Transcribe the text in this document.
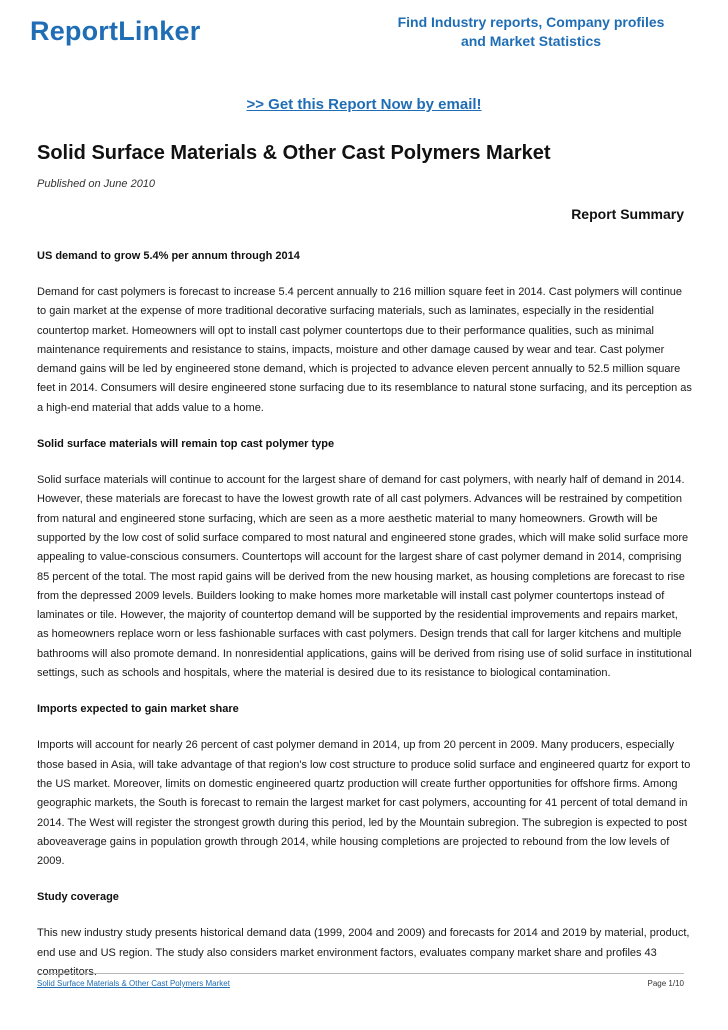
ReportLinker	Find Industry reports, Company profiles
and Market Statistics
>> Get this Report Now by email!
Solid Surface Materials & Other Cast Polymers Market
Published on June 2010
Report Summary
US demand to grow 5.4% per annum through 2014
Demand for cast polymers is forecast to increase 5.4 percent annually to 216 million square feet in 2014. Cast polymers will continue to gain market at the expense of more traditional decorative surfacing materials, such as laminates, especially in the residential countertop market. Homeowners will opt to install cast polymer countertops due to their performance qualities, such as minimal maintenance requirements and resistance to stains, impacts, moisture and other damage caused by wear and tear. Cast polymer demand gains will be led by engineered stone demand, which is projected to advance eleven percent annually to 52.5 million square feet in 2014. Consumers will desire engineered stone surfacing due to its resemblance to natural stone surfacing, and its perception as a high-end material that adds value to a home.
Solid surface materials will remain top cast polymer type
Solid surface materials will continue to account for the largest share of demand for cast polymers, with nearly half of demand in 2014. However, these materials are forecast to have the lowest growth rate of all cast polymers. Advances will be restrained by competition from natural and engineered stone surfacing, which are seen as a more aesthetic material to many homeowners. Growth will be supported by the low cost of solid surface compared to most natural and engineered stone grades, which will make solid surface more appealing to value-conscious consumers. Countertops will account for the largest share of cast polymer demand in 2014, comprising 85 percent of the total. The most rapid gains will be derived from the new housing market, as housing completions are forecast to rise from the depressed 2009 levels. Builders looking to make homes more marketable will install cast polymer countertops instead of laminates or tile. However, the majority of countertop demand will be supported by the residential improvements and repairs market, as homeowners replace worn or less fashionable surfaces with cast polymers. Design trends that call for larger kitchens and multiple bathrooms will also promote demand. In nonresidential applications, gains will be derived from rising use of solid surface in institutional settings, such as schools and hospitals, where the material is desired due to its resistance to biological contamination.
Imports expected to gain market share
Imports will account for nearly 26 percent of cast polymer demand in 2014, up from 20 percent in 2009. Many producers, especially those based in Asia, will take advantage of that region's low cost structure to produce solid surface and engineered quartz for export to the US market. Moreover, limits on domestic engineered quartz production will create further opportunities for offshore firms. Among geographic markets, the South is forecast to remain the largest market for cast polymers, accounting for 41 percent of total demand in 2014. The West will register the strongest growth during this period, led by the Mountain subregion. The subregion is expected to post aboveaverage gains in population growth through 2014, while housing completions are projected to rebound from the low levels of 2009.
Study coverage
This new industry study presents historical demand data (1999, 2004 and 2009) and forecasts for 2014 and 2019 by material, product, end use and US region. The study also considers market environment factors, evaluates company market share and profiles 43 competitors.
Solid Surface Materials & Other Cast Polymers Market	Page 1/10
